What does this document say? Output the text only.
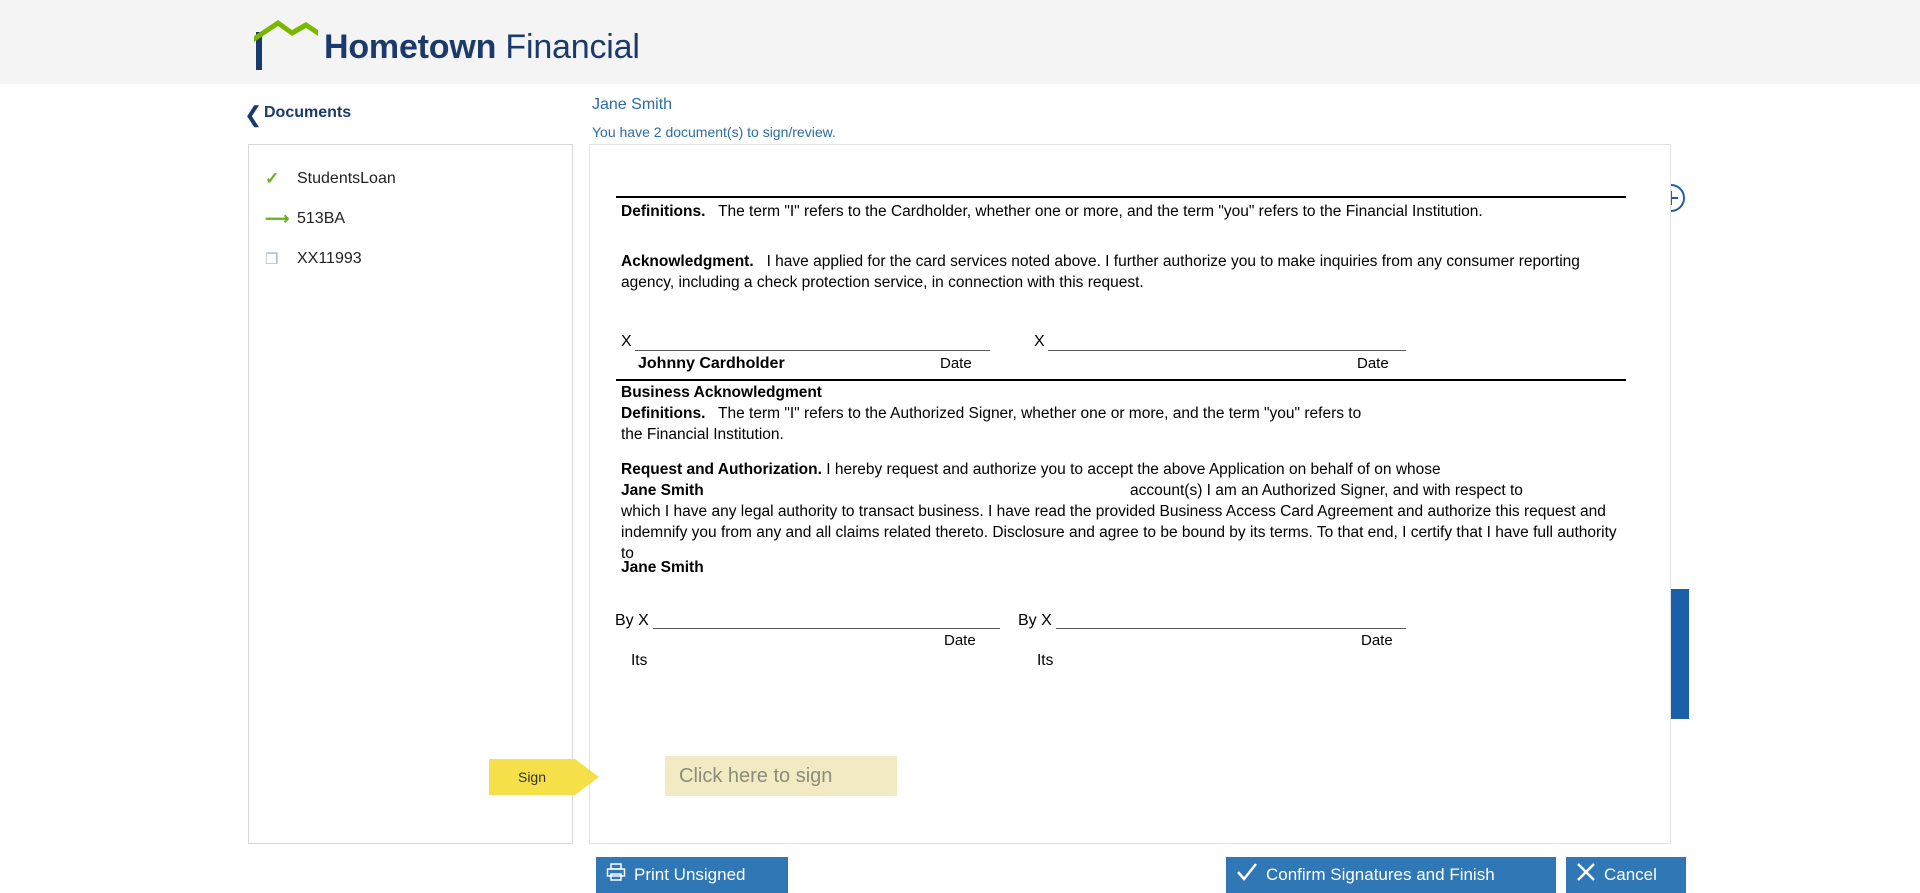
Hometown Financial
❮ Documents	Jane Smith
You have 2 document(s) to sign/review.
✓	StudentsLoan
⟶ 513BA
❐	XX11993
Definitions. The term "I" refers to the Cardholder, whether one or more, and the term "you" refers to the Financial Institution.
Acknowledgment. I have applied for the card services noted above. I further authorize you to make inquiries from any consumer reporting agency, including a check protection service, in connection with this request.
X
Johnny Cardholder	Date
X
Date
Business Acknowledgment
Definitions. The term "I" refers to the Authorized Signer, whether one or more, and the term "you" refers to the Financial Institution.
Request and Authorization. I hereby request and authorize you to accept the above Application on behalf of on whose
Jane Smith	account(s) I am an Authorized Signer, and with respect to
which I have any legal authority to transact business. I have read the provided Business Access Card Agreement and authorize this request and indemnify you from any and all claims related thereto. Disclosure and agree to be bound by its terms. To that end, I certify that I have full authority to
Jane Smith
By X
Date
Its
By X
Date
Its
Sign	Click here to sign
Print Unsigned	Confirm Signatures and Finish	Cancel
